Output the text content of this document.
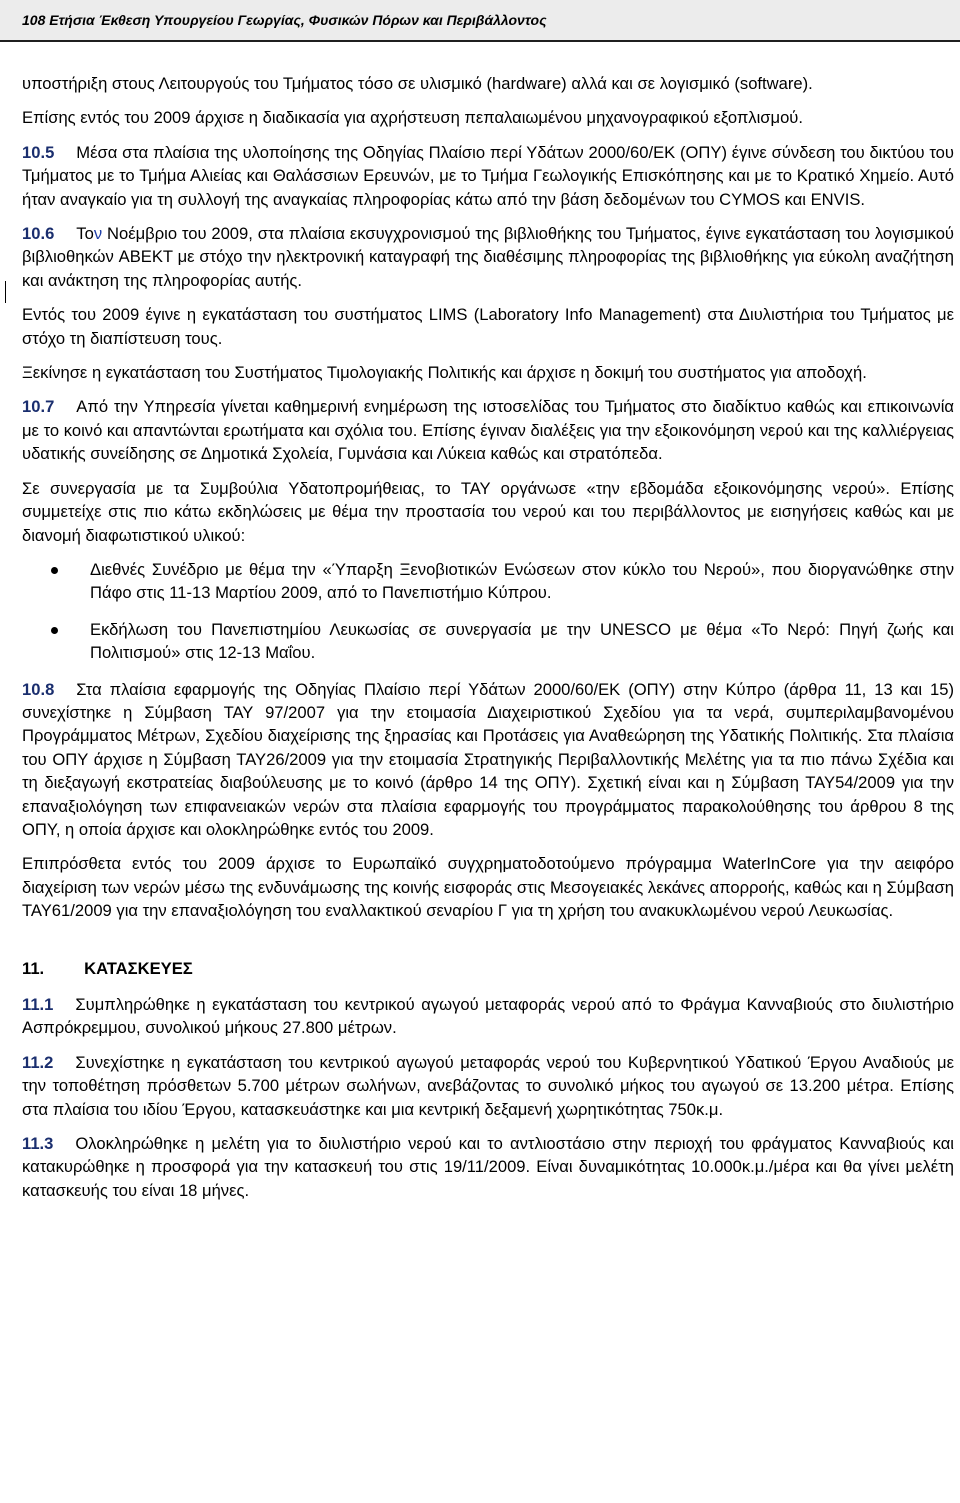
108 Ετήσια Έκθεση Υπουργείου Γεωργίας, Φυσικών Πόρων και Περιβάλλοντος

υποστήριξη στους Λειτουργούς του Τμήματος τόσο σε υλισμικό (hardware) αλλά και σε λογισμικό (software).

Επίσης εντός του 2009 άρχισε η διαδικασία για αχρήστευση πεπαλαιωμένου μηχανογραφικού εξοπλισμού.

10.5 Μέσα στα πλαίσια της υλοποίησης της Οδηγίας Πλαίσιο περί Υδάτων 2000/60/ΕΚ (ΟΠΥ) έγινε σύνδεση του δικτύου του Τμήματος με το Τμήμα Αλιείας και Θαλάσσιων Ερευνών, με το Τμήμα Γεωλογικής Επισκόπησης και με το Κρατικό Χημείο. Αυτό ήταν αναγκαίο για τη συλλογή της αναγκαίας πληροφορίας κάτω από την βάση δεδομένων του CYMOS και ENVIS.

10.6 Τον Νοέμβριο του 2009, στα πλαίσια εκσυγχρονισμού της βιβλιοθήκης του Τμήματος, έγινε εγκατάσταση του λογισμικού βιβλιοθηκών ABEKT με στόχο την ηλεκτρονική καταγραφή της διαθέσιμης πληροφορίας της βιβλιοθήκης για εύκολη αναζήτηση και ανάκτηση της πληροφορίας αυτής.

Εντός του 2009 έγινε η εγκατάσταση του συστήματος LIMS (Laboratory Info Management) στα Διυλιστήρια του Τμήματος με στόχο τη διαπίστευση τους.

Ξεκίνησε η εγκατάσταση του Συστήματος Τιμολογιακής Πολιτικής και άρχισε η δοκιμή του συστήματος για αποδοχή.

10.7 Από την Υπηρεσία γίνεται καθημερινή ενημέρωση της ιστοσελίδας του Τμήματος στο διαδίκτυο καθώς και επικοινωνία με το κοινό και απαντώνται ερωτήματα και σχόλια του. Επίσης έγιναν διαλέξεις για την εξοικονόμηση νερού και της καλλιέργειας υδατικής συνείδησης σε Δημοτικά Σχολεία, Γυμνάσια και Λύκεια καθώς και στρατόπεδα.

Σε συνεργασία με τα Συμβούλια Υδατοπρομήθειας, το ΤΑΥ οργάνωσε «την εβδομάδα εξοικονόμησης νερού». Επίσης συμμετείχε στις πιο κάτω εκδηλώσεις με θέμα την προστασία του νερού και του περιβάλλοντος με εισηγήσεις καθώς και με διανομή διαφωτιστικού υλικού:

Διεθνές Συνέδριο με θέμα την «Ύπαρξη Ξενοβιοτικών Ενώσεων στον κύκλο του Νερού», που διοργανώθηκε στην Πάφο στις 11-13 Μαρτίου 2009, από το Πανεπιστήμιο Κύπρου.
Εκδήλωση του Πανεπιστημίου Λευκωσίας σε συνεργασία με την UNESCO με θέμα «Το Νερό: Πηγή ζωής και Πολιτισμού» στις 12-13 Μαΐου.

10.8 Στα πλαίσια εφαρμογής της Οδηγίας Πλαίσιο περί Υδάτων 2000/60/ΕΚ (ΟΠΥ) στην Κύπρο (άρθρα 11, 13 και 15) συνεχίστηκε η Σύμβαση ΤΑΥ 97/2007 για την ετοιμασία Διαχειριστικού Σχεδίου για τα νερά, συμπεριλαμβανομένου Προγράμματος Μέτρων, Σχεδίου διαχείρισης της ξηρασίας και Προτάσεις για Αναθεώρηση της Υδατικής Πολιτικής. Στα πλαίσια του ΟΠΥ άρχισε η Σύμβαση ΤΑΥ26/2009 για την ετοιμασία Στρατηγικής Περιβαλλοντικής Μελέτης για τα πιο πάνω Σχέδια και τη διεξαγωγή εκστρατείας διαβούλευσης με το κοινό (άρθρο 14 της ΟΠΥ). Σχετική είναι και η Σύμβαση ΤΑΥ54/2009 για την επαναξιολόγηση των επιφανειακών νερών στα πλαίσια εφαρμογής του προγράμματος παρακολούθησης του άρθρου 8 της ΟΠΥ, η οποία άρχισε και ολοκληρώθηκε εντός του 2009.

Επιπρόσθετα εντός του 2009 άρχισε το Ευρωπαϊκό συγχρηματοδοτούμενο πρόγραμμα WaterInCore για την αειφόρο διαχείριση των νερών μέσω της ενδυνάμωσης της κοινής εισφοράς στις Μεσογειακές λεκάνες απορροής, καθώς και η Σύμβαση ΤΑΥ61/2009 για την επαναξιολόγηση του εναλλακτικού σεναρίου Γ για τη χρήση του ανακυκλωμένου νερού Λευκωσίας.

11. ΚΑΤΑΣΚΕΥΕΣ

11.1 Συμπληρώθηκε η εγκατάσταση του κεντρικού αγωγού μεταφοράς νερού από το Φράγμα Κανναβιούς στο διυλιστήριο Ασπρόκρεμμου, συνολικού μήκους 27.800 μέτρων.

11.2 Συνεχίστηκε η εγκατάσταση του κεντρικού αγωγού μεταφοράς νερού του Κυβερνητικού Υδατικού Έργου Αναδιούς με την τοποθέτηση πρόσθετων 5.700 μέτρων σωλήνων, ανεβάζοντας το συνολικό μήκος του αγωγού σε 13.200 μέτρα. Επίσης στα πλαίσια του ιδίου Έργου, κατασκευάστηκε και μια κεντρική δεξαμενή χωρητικότητας 750κ.μ.

11.3 Ολοκληρώθηκε η μελέτη για το διυλιστήριο νερού και το αντλιοστάσιο στην περιοχή του φράγματος Κανναβιούς και κατακυρώθηκε η προσφορά για την κατασκευή του στις 19/11/2009. Είναι δυναμικότητας 10.000κ.μ./μέρα και θα γίνει μελέτη κατασκευής του είναι 18 μήνες.
